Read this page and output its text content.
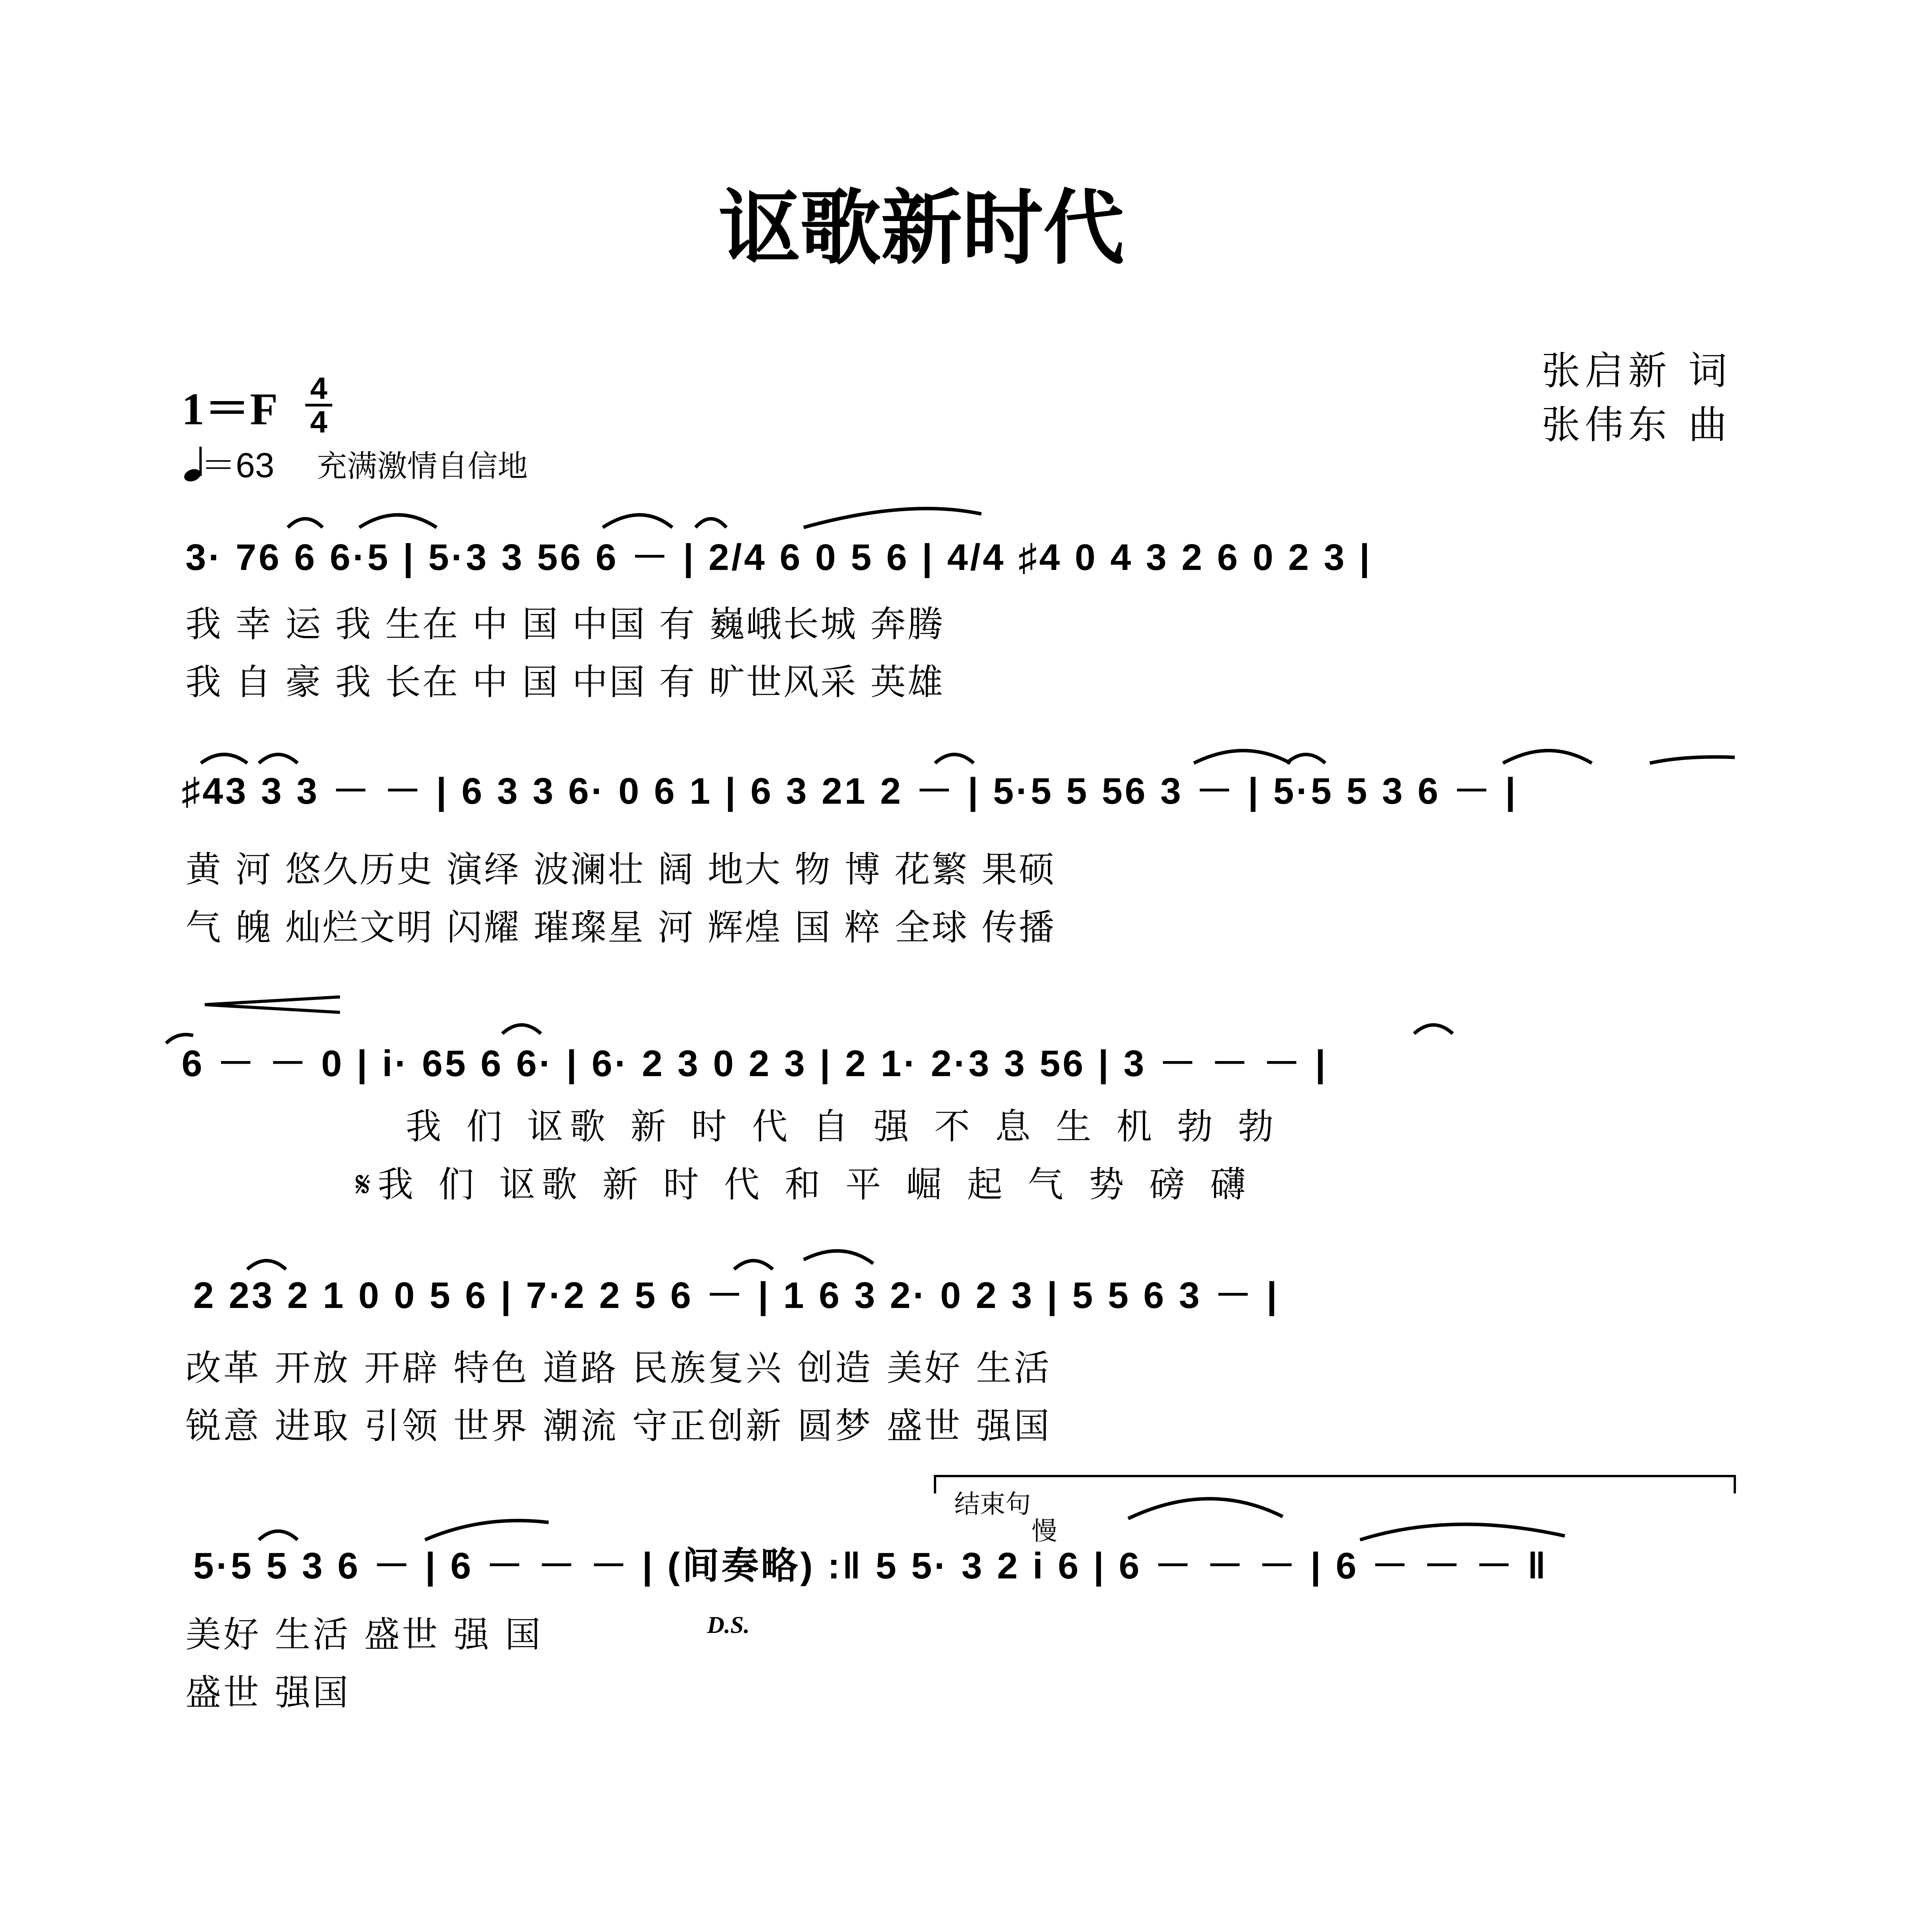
讴歌新时代
张启新 词
张伟东 曲
1＝F 4
4
＝63 充满激情自信地
3· 76 6 6·5 | 5·3 3 56 6 － | 2/4 6 0 5 6 | 4/4 ♯4 0 4 3 2 6 0 2 3 |
我 幸 运 我 生在 中 国 中国 有 巍峨长城 奔腾
我 自 豪 我 长在 中 国 中国 有 旷世风采 英雄
♯43 3 3 － － | 6 3 3 6· 0 6 1 | 6 3 21 2 － | 5·5 5 56 3 － | 5·5 5 3 6 － |
黄 河 悠久历史 演绎 波澜壮 阔 地大 物 博 花繁 果硕
气 魄 灿烂文明 闪耀 璀璨星 河 辉煌 国 粹 全球 传播
6 － － 0 | i· 65 6 6· | 6· 2 3 0 2 3 | 2 1· 2·3 3 56 | 3 － － － |
我 们 讴歌 新 时 代 自 强 不 息 生 机 勃 勃
𝄋我 们 讴歌 新 时 代 和 平 崛 起 气 势 磅 礴
2 23 2 1 0 0 5 6 | 7·2 2 5 6 － | 1 6 3 2· 0 2 3 | 5 5 6 3 － |
改革 开放 开辟 特色 道路 民族复兴 创造 美好 生活
锐意 进取 引领 世界 潮流 守正创新 圆梦 盛世 强国
5·5 5 3 6 － | 6 － － － | (间奏略) :‖ 5 5· 3 2 i 6 | 6 － － － | 6 － － － ‖
美好 生活 盛世 强 国
盛世 强国
D.S.
结束句
慢
